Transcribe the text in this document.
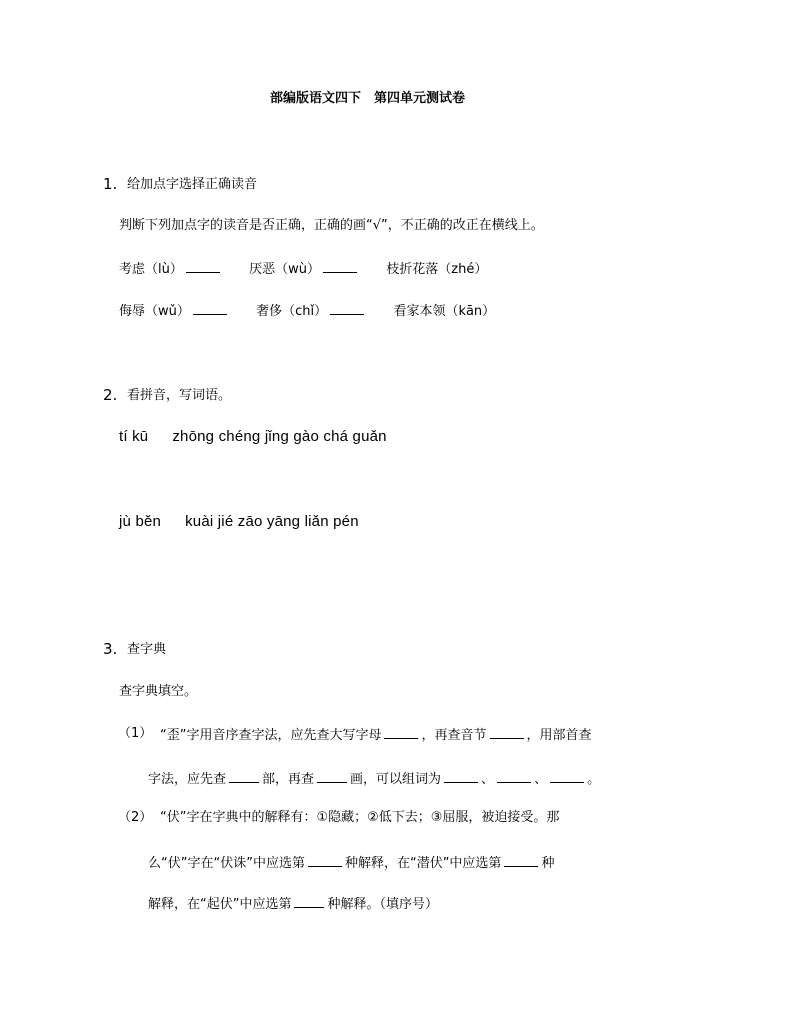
部编版语文四下　第四单元测试卷
1. 给加点字选择正确读音
判断下列加点字的读音是否正确，正确的画“√”，不正确的改正在横线上。
考虑（lù）	厌恶（wù）	枝折花落（zhé）
侮辱（wǔ）	奢侈（chǐ）	看家本领（kān）
2. 看拼音，写词语。
tí kū zhōng chéng jǐng gào chá guǎn
jù běn kuài jié zāo yāng liǎn pén
3. 查字典
查字典填空。
（1） “歪”字用音序查字法，应先查大写字母	，再查音节	，用部首查
字法，应先查	部，再查	画，可以组词为	、	、	。
（2） “伏”字在字典中的解释有：①隐藏；②低下去；③屈服，被迫接受。那
么“伏”字在“伏诛”中应选第	种解释，在“潜伏”中应选第	种
解释，在“起伏”中应选第	种解释。（填序号）
